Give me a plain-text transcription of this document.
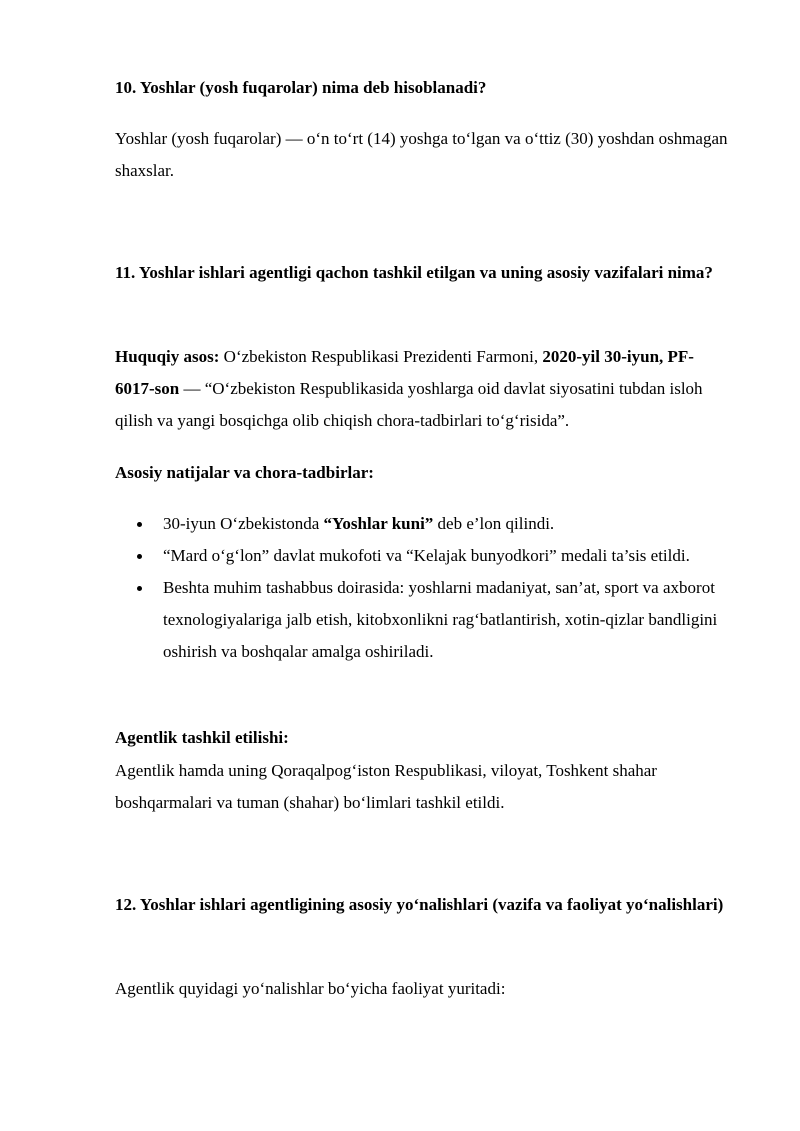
10. Yoshlar (yosh fuqarolar) nima deb hisoblanadi?

Yoshlar (yosh fuqarolar) — o‘n to‘rt (14) yoshga to‘lgan va o‘ttiz (30) yoshdan oshmagan shaxslar.

11. Yoshlar ishlari agentligi qachon tashkil etilgan va uning asosiy vazifalari nima?

Huquqiy asos: O‘zbekiston Respublikasi Prezidenti Farmoni, 2020-yil 30-iyun, PF-6017-son — “O‘zbekiston Respublikasida yoshlarga oid davlat siyosatini tubdan isloh qilish va yangi bosqichga olib chiqish chora-tadbirlari to‘g‘risida”.

Asosiy natijalar va chora-tadbirlar:

30-iyun O‘zbekistonda “Yoshlar kuni” deb e’lon qilindi.
“Mard o‘g‘lon” davlat mukofoti va “Kelajak bunyodkori” medali ta’sis etildi.
Beshta muhim tashabbus doirasida: yoshlarni madaniyat, san’at, sport va axborot texnologiyalariga jalb etish, kitobxonlikni rag‘batlantirish, xotin-qizlar bandligini oshirish va boshqalar amalga oshiriladi.

Agentlik tashkil etilishi:

Agentlik hamda uning Qoraqalpog‘iston Respublikasi, viloyat, Toshkent shahar boshqarmalari va tuman (shahar) bo‘limlari tashkil etildi.

12. Yoshlar ishlari agentligining asosiy yo‘nalishlari (vazifa va faoliyat yo‘nalishlari)

Agentlik quyidagi yo‘nalishlar bo‘yicha faoliyat yuritadi:
